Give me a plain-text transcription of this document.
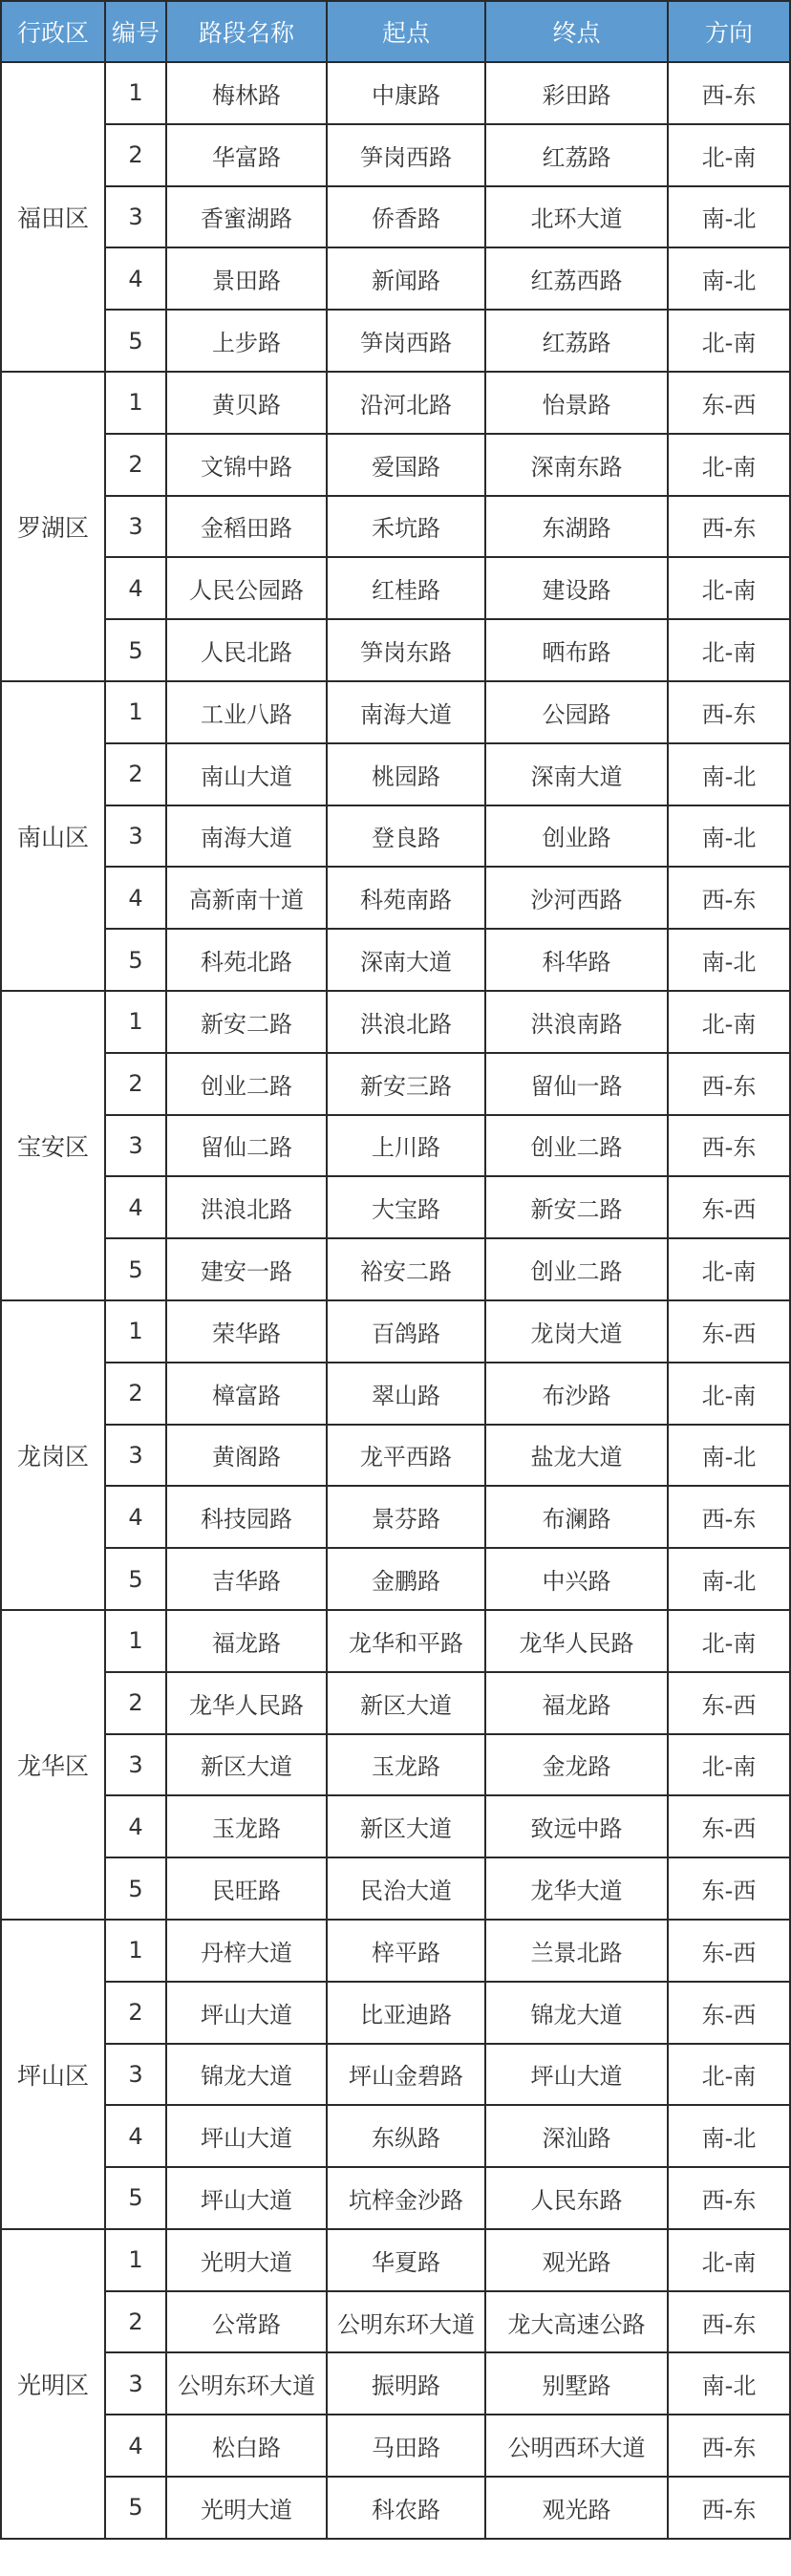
行政区	编号	路段名称	起点	终点	方向
福田区	1	梅林路	中康路	彩田路	西-东
	2	华富路	笋岗西路	红荔路	北-南
	3	香蜜湖路	侨香路	北环大道	南-北
	4	景田路	新闻路	红荔西路	南-北
	5	上步路	笋岗西路	红荔路	北-南
罗湖区	1	黄贝路	沿河北路	怡景路	东-西
	2	文锦中路	爱国路	深南东路	北-南
	3	金稻田路	禾坑路	东湖路	西-东
	4	人民公园路	红桂路	建设路	北-南
	5	人民北路	笋岗东路	晒布路	北-南
南山区	1	工业八路	南海大道	公园路	西-东
	2	南山大道	桃园路	深南大道	南-北
	3	南海大道	登良路	创业路	南-北
	4	高新南十道	科苑南路	沙河西路	西-东
	5	科苑北路	深南大道	科华路	南-北
宝安区	1	新安二路	洪浪北路	洪浪南路	北-南
	2	创业二路	新安三路	留仙一路	西-东
	3	留仙二路	上川路	创业二路	西-东
	4	洪浪北路	大宝路	新安二路	东-西
	5	建安一路	裕安二路	创业二路	北-南
龙岗区	1	荣华路	百鸽路	龙岗大道	东-西
	2	樟富路	翠山路	布沙路	北-南
	3	黄阁路	龙平西路	盐龙大道	南-北
	4	科技园路	景芬路	布澜路	西-东
	5	吉华路	金鹏路	中兴路	南-北
龙华区	1	福龙路	龙华和平路	龙华人民路	北-南
	2	龙华人民路	新区大道	福龙路	东-西
	3	新区大道	玉龙路	金龙路	北-南
	4	玉龙路	新区大道	致远中路	东-西
	5	民旺路	民治大道	龙华大道	东-西
坪山区	1	丹梓大道	梓平路	兰景北路	东-西
	2	坪山大道	比亚迪路	锦龙大道	东-西
	3	锦龙大道	坪山金碧路	坪山大道	北-南
	4	坪山大道	东纵路	深汕路	南-北
	5	坪山大道	坑梓金沙路	人民东路	西-东
光明区	1	光明大道	华夏路	观光路	北-南
	2	公常路	公明东环大道	龙大高速公路	西-东
	3	公明东环大道	振明路	别墅路	南-北
	4	松白路	马田路	公明西环大道	西-东
	5	光明大道	科农路	观光路	西-东
